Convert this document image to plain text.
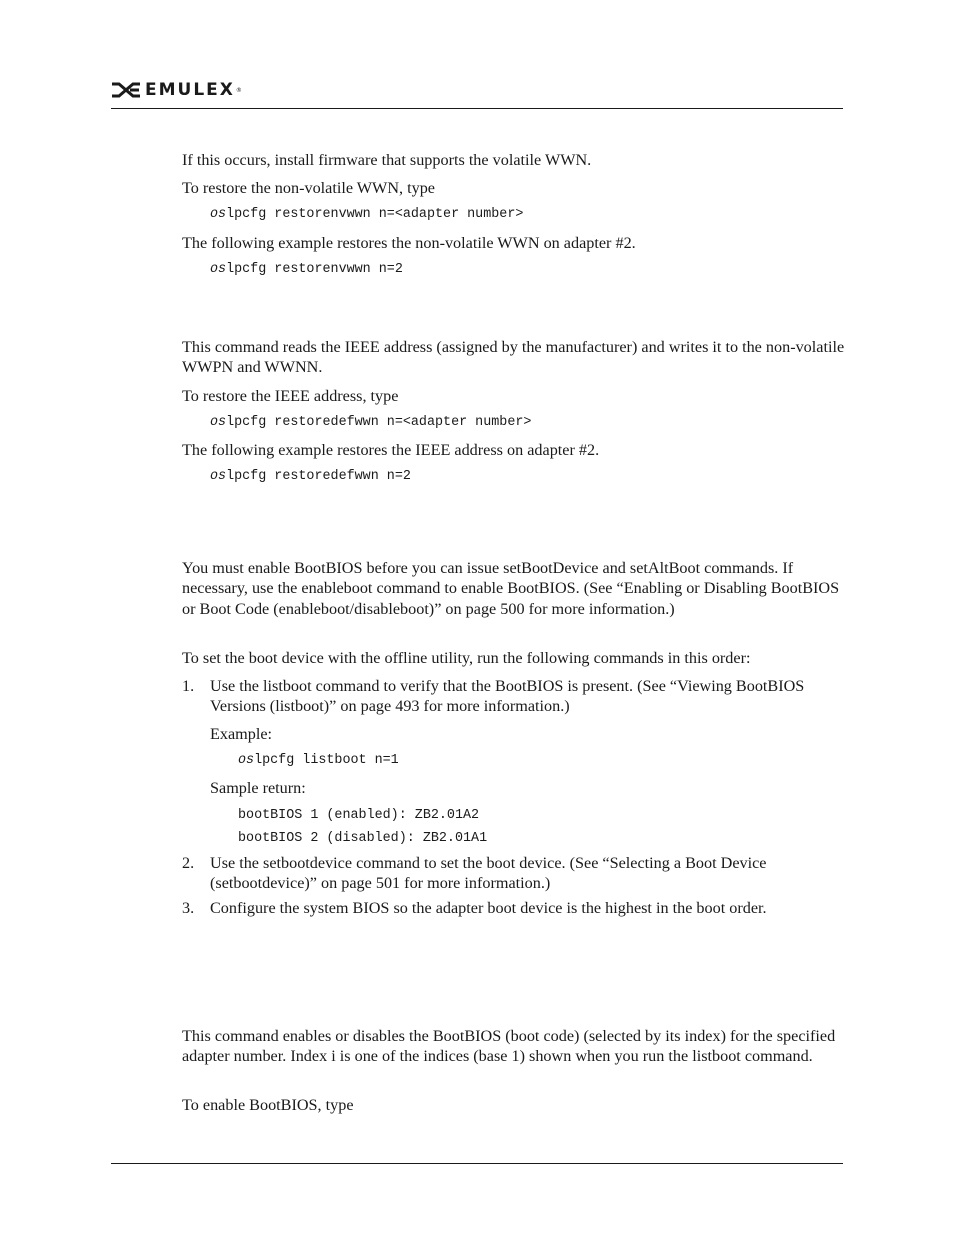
EMULEX ®

If this occurs, install firmware that supports the volatile WWN.

To restore the non-volatile WWN, type

oslpcfg restorenvwwn n=<adapter number>

The following example restores the non-volatile WWN on adapter #2.

oslpcfg restorenvwwn n=2

This command reads the IEEE address (assigned by the manufacturer) and writes it to the non-volatile WWPN and WWNN.

To restore the IEEE address, type

oslpcfg restoredefwwn n=<adapter number>

The following example restores the IEEE address on adapter #2.

oslpcfg restoredefwwn n=2

You must enable BootBIOS before you can issue setBootDevice and setAltBoot commands. If necessary, use the enableboot command to enable BootBIOS. (See “Enabling or Disabling BootBIOS or Boot Code (enableboot/disableboot)” on page 500 for more information.)

To set the boot device with the offline utility, run the following commands in this order:

1. Use the listboot command to verify that the BootBIOS is present. (See “Viewing BootBIOS Versions (listboot)” on page 493 for more information.)

Example:

oslpcfg listboot n=1

Sample return:

bootBIOS 1 (enabled): ZB2.01A2
bootBIOS 2 (disabled): ZB2.01A1
2. Use the setbootdevice command to set the boot device. (See “Selecting a Boot Device (setbootdevice)” on page 501 for more information.)

3. Configure the system BIOS so the adapter boot device is the highest in the boot order.

This command enables or disables the BootBIOS (boot code) (selected by its index) for the specified adapter number. Index i is one of the indices (base 1) shown when you run the listboot command.

To enable BootBIOS, type
